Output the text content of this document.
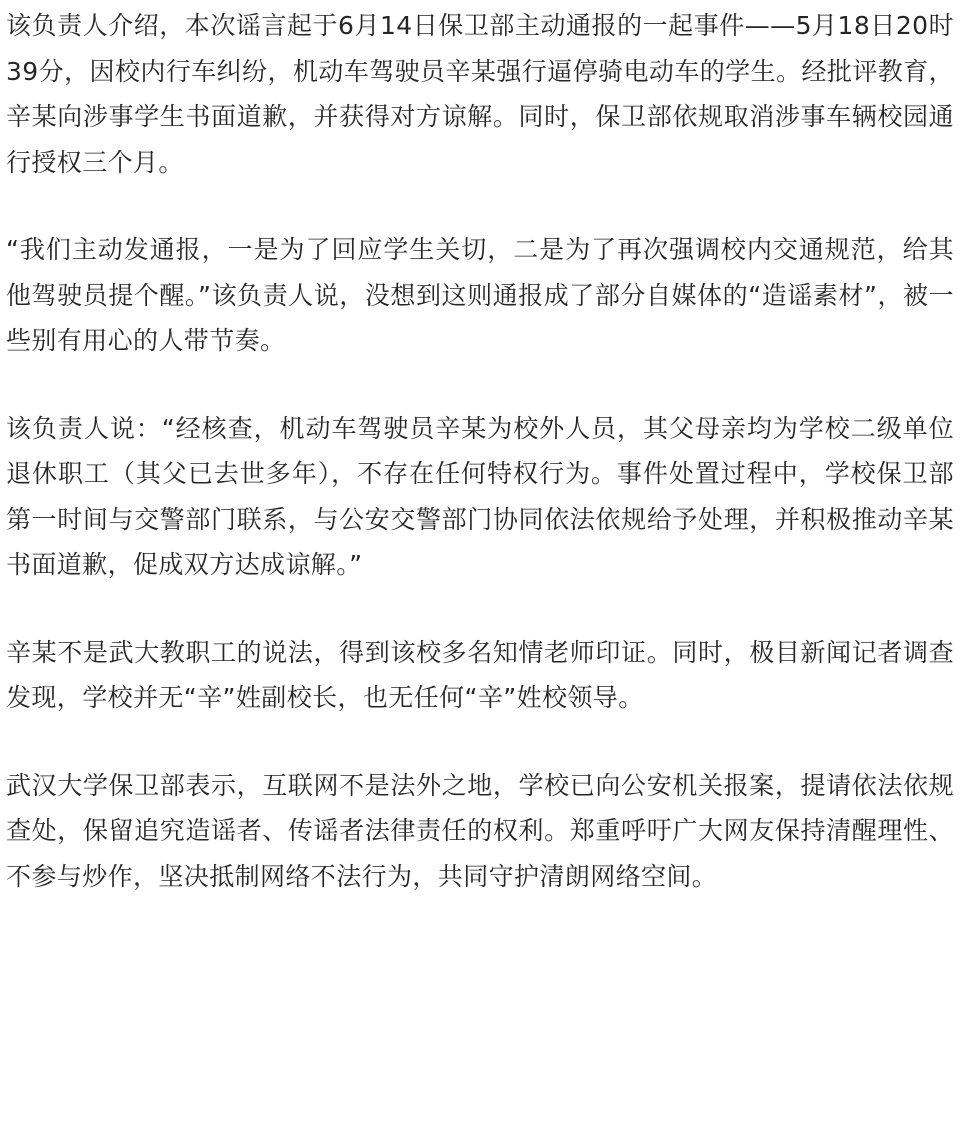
该负责人介绍，本次谣言起于6月14日保卫部主动通报的一起事件——5月18日20时39分，因校内行车纠纷，机动车驾驶员辛某强行逼停骑电动车的学生。经批评教育，辛某向涉事学生书面道歉，并获得对方谅解。同时，保卫部依规取消涉事车辆校园通行授权三个月。

“我们主动发通报，一是为了回应学生关切，二是为了再次强调校内交通规范，给其他驾驶员提个醒。”该负责人说，没想到这则通报成了部分自媒体的“造谣素材”，被一些别有用心的人带节奏。

该负责人说：“经核查，机动车驾驶员辛某为校外人员，其父母亲均为学校二级单位退休职工（其父已去世多年），不存在任何特权行为。事件处置过程中，学校保卫部第一时间与交警部门联系，与公安交警部门协同依法依规给予处理，并积极推动辛某书面道歉，促成双方达成谅解。”

辛某不是武大教职工的说法，得到该校多名知情老师印证。同时，极目新闻记者调查发现，学校并无“辛”姓副校长，也无任何“辛”姓校领导。

武汉大学保卫部表示，互联网不是法外之地，学校已向公安机关报案，提请依法依规查处，保留追究造谣者、传谣者法律责任的权利。郑重呼吁广大网友保持清醒理性、不参与炒作，坚决抵制网络不法行为，共同守护清朗网络空间。
